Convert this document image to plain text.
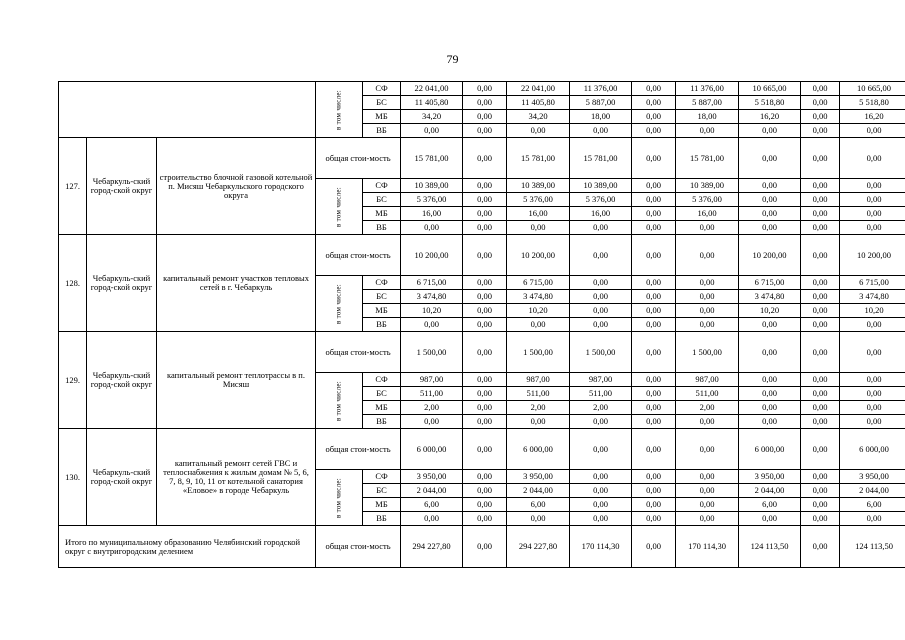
79

			в том числе:	СФ	22 041,00	0,00	22 041,00	11 376,00	0,00	11 376,00	10 665,00	0,00	10 665,00
				БС	11 405,80	0,00	11 405,80	5 887,00	0,00	5 887,00	5 518,80	0,00	5 518,80
				МБ	34,20	0,00	34,20	18,00	0,00	18,00	16,20	0,00	16,20
				ВБ	0,00	0,00	0,00	0,00	0,00	0,00	0,00	0,00	0,00
127.	Чебаркуль-ский город-ской округ	строительство блочной газовой котельной п. Мисяш Чебаркульского городского округа	общая стои-мость		15 781,00	0,00	15 781,00	15 781,00	0,00	15 781,00	0,00	0,00	0,00

			в том числе:	СФ	10 389,00	0,00	10 389,00	10 389,00	0,00	10 389,00	0,00	0,00	0,00
				БС	5 376,00	0,00	5 376,00	5 376,00	0,00	5 376,00	0,00	0,00	0,00
				МБ	16,00	0,00	16,00	16,00	0,00	16,00	0,00	0,00	0,00
				ВБ	0,00	0,00	0,00	0,00	0,00	0,00	0,00	0,00	0,00
128.	Чебаркуль-ский город-ской округ	капитальный ремонт участков тепловых сетей в г. Чебаркуль	общая стои-мость		10 200,00	0,00	10 200,00	0,00	0,00	0,00	10 200,00	0,00	10 200,00

			в том числе:	СФ	6 715,00	0,00	6 715,00	0,00	0,00	0,00	6 715,00	0,00	6 715,00
				БС	3 474,80	0,00	3 474,80	0,00	0,00	0,00	3 474,80	0,00	3 474,80
				МБ	10,20	0,00	10,20	0,00	0,00	0,00	10,20	0,00	10,20
				ВБ	0,00	0,00	0,00	0,00	0,00	0,00	0,00	0,00	0,00
129.	Чебаркуль-ский город-ской округ	капитальный ремонт теплотрассы в п. Мисяш	общая стои-мость		1 500,00	0,00	1 500,00	1 500,00	0,00	1 500,00	0,00	0,00	0,00

			в том числе:	СФ	987,00	0,00	987,00	987,00	0,00	987,00	0,00	0,00	0,00
				БС	511,00	0,00	511,00	511,00	0,00	511,00	0,00	0,00	0,00
				МБ	2,00	0,00	2,00	2,00	0,00	2,00	0,00	0,00	0,00
				ВБ	0,00	0,00	0,00	0,00	0,00	0,00	0,00	0,00	0,00
130.	Чебаркуль-ский город-ской округ	капитальный ремонт сетей ГВС и теплоснабжения к жилым домам № 5, 6, 7, 8, 9, 10, 11 от котельной санатория «Еловое» в городе Чебаркуль	общая стои-мость		6 000,00	0,00	6 000,00	0,00	0,00	0,00	6 000,00	0,00	6 000,00

			в том числе:	СФ	3 950,00	0,00	3 950,00	0,00	0,00	0,00	3 950,00	0,00	3 950,00
				БС	2 044,00	0,00	2 044,00	0,00	0,00	0,00	2 044,00	0,00	2 044,00
				МБ	6,00	0,00	6,00	0,00	0,00	0,00	6,00	0,00	6,00
				ВБ	0,00	0,00	0,00	0,00	0,00	0,00	0,00	0,00	0,00
Итого по муниципальному образованию Челябинский городской округ с внутригородским делением			общая стои-мость		294 227,80	0,00	294 227,80	170 114,30	0,00	170 114,30	124 113,50	0,00	124 113,50
